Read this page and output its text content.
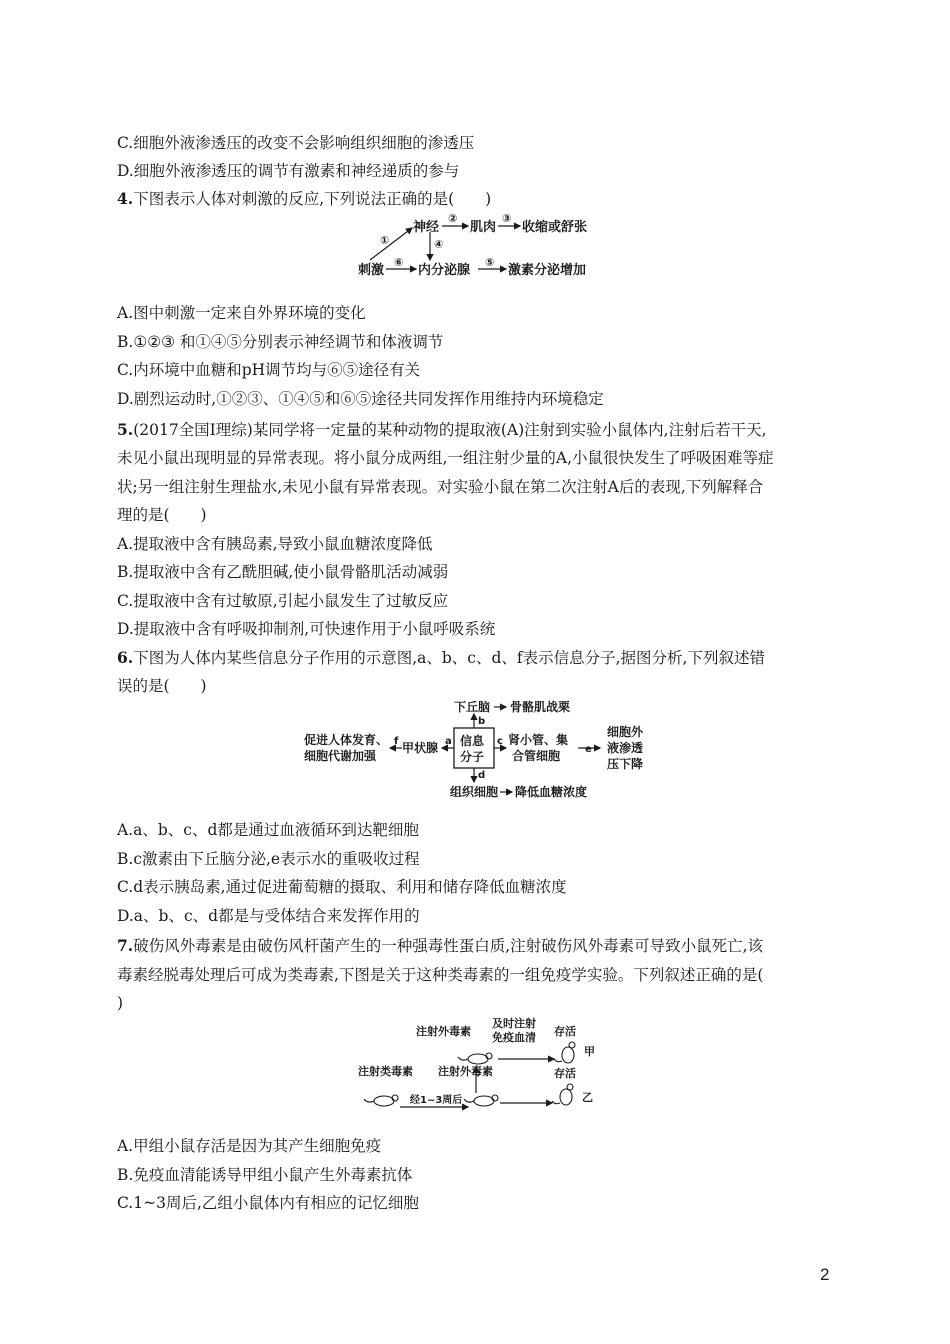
C.细胞外液渗透压的改变不会影响组织细胞的渗透压
D.细胞外液渗透压的调节有激素和神经递质的参与
4.下图表示人体对刺激的反应,下列说法正确的是(　　)
神经 肌肉 收缩或舒张
刺激	内分泌腺	激素分泌增加
①
②	③
④
⑥	⑤
A.图中刺激一定来自外界环境的变化
B.①②③ 和①④⑤分别表示神经调节和体液调节
C.内环境中血糖和pH调节均与⑥⑤途径有关
D.剧烈运动时,①②③、①④⑤和⑥⑤途径共同发挥作用维持内环境稳定
5.(2017全国Ⅰ理综)某同学将一定量的某种动物的提取液(A)注射到实验小鼠体内,注射后若干天,
未见小鼠出现明显的异常表现。将小鼠分成两组,一组注射少量的A,小鼠很快发生了呼吸困难等症
状;另一组注射生理盐水,未见小鼠有异常表现。对实验小鼠在第二次注射A后的表现,下列解释合
理的是(　　)
A.提取液中含有胰岛素,导致小鼠血糖浓度降低
B.提取液中含有乙酰胆碱,使小鼠骨骼肌活动减弱
C.提取液中含有过敏原,引起小鼠发生了过敏反应
D.提取液中含有呼吸抑制剂,可快速作用于小鼠呼吸系统
6.下图为人体内某些信息分子作用的示意图,a、b、c、d、f表示信息分子,据图分析,下列叙述错
误的是(　　)
信息
分子
下丘脑 骨骼肌战栗
b
a
甲状腺
f
促进人体发育、
细胞代谢加强
c 肾小管、集
合管细胞 e
细胞外
液渗透
压下降
d
组织细胞 降低血糖浓度
A.a、b、c、d都是通过血液循环到达靶细胞
B.c激素由下丘脑分泌,e表示水的重吸收过程
C.d表示胰岛素,通过促进葡萄糖的摄取、利用和储存降低血糖浓度
D.a、b、c、d都是与受体结合来发挥作用的
7.破伤风外毒素是由破伤风杆菌产生的一种强毒性蛋白质,注射破伤风外毒素可导致小鼠死亡,该
毒素经脱毒处理后可成为类毒素,下图是关于这种类毒素的一组免疫学实验。下列叙述正确的是(
)
注射外毒素
及时注射
免疫血清 存活
甲
注射类毒素 注射外毒素	存活
乙
经1~3周后
A.甲组小鼠存活是因为其产生细胞免疫
B.免疫血清能诱导甲组小鼠产生外毒素抗体
C.1~3周后,乙组小鼠体内有相应的记忆细胞
2
